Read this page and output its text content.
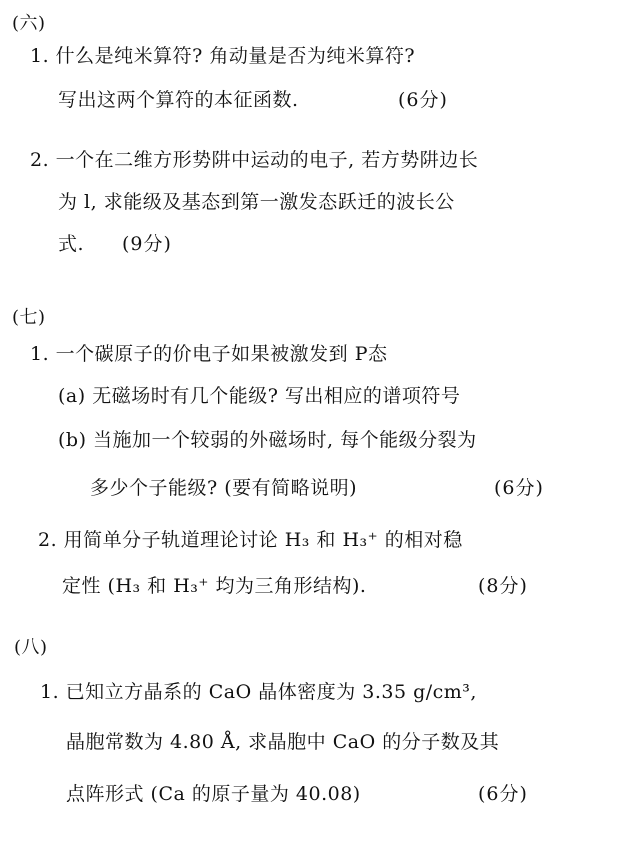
(六)
1. 什么是纯米算符? 角动量是否为纯米算符?
写出这两个算符的本征函数.	(6分)
2. 一个在二维方形势阱中运动的电子, 若方势阱边长
为 l, 求能级及基态到第一激发态跃迁的波长公
式. (9分)
(七)
1. 一个碳原子的价电子如果被激发到 P态
(a) 无磁场时有几个能级? 写出相应的谱项符号
(b) 当施加一个较弱的外磁场时, 每个能级分裂为
多少个子能级? (要有简略说明)	(6分)
2. 用简单分子轨道理论讨论 H₃ 和 H₃⁺ 的相对稳
定性 (H₃ 和 H₃⁺ 均为三角形结构).	(8分)
(八)
1. 已知立方晶系的 CaO 晶体密度为 3.35 g/cm³,
晶胞常数为 4.80 Å, 求晶胞中 CaO 的分子数及其
点阵形式 (Ca 的原子量为 40.08)	(6分)
